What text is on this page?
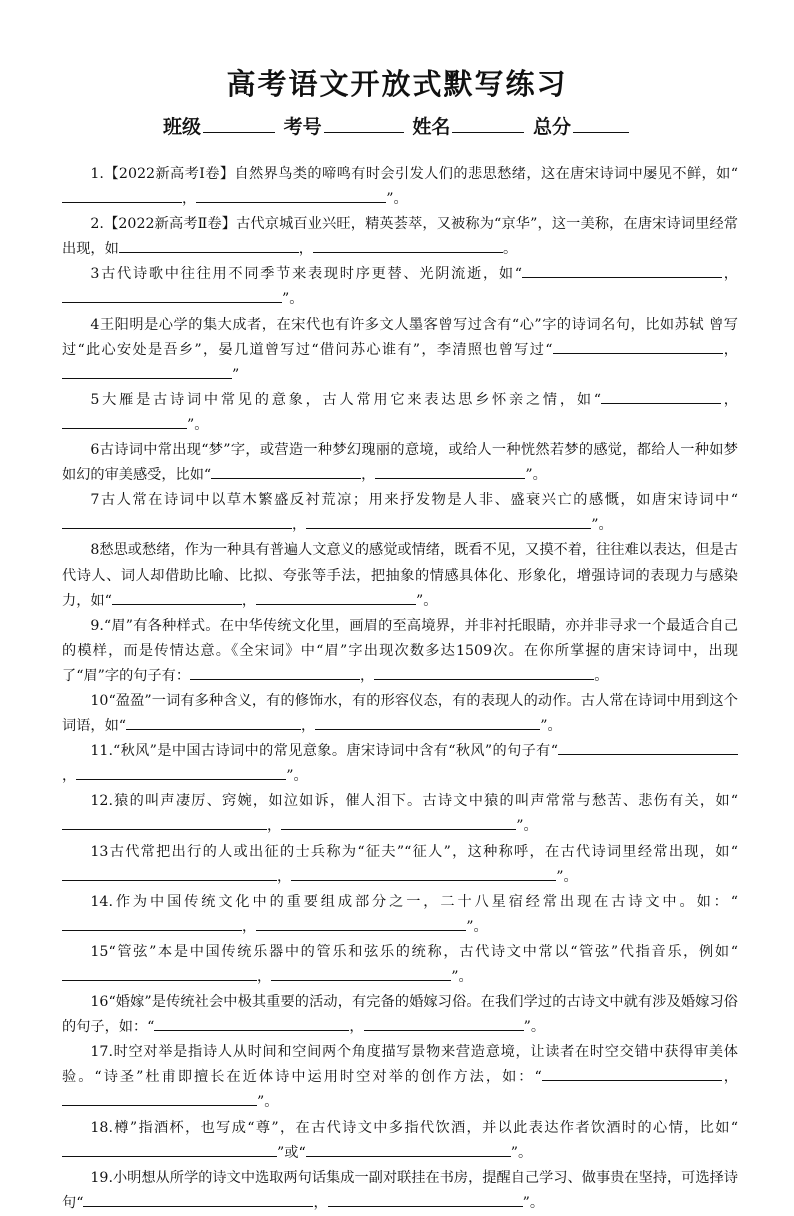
高考语文开放式默写练习
班级	考号	姓名	总分

1.【2022新高考Ⅰ卷】自然界鸟类的啼鸣有时会引发人们的悲思愁绪，这在唐宋诗词中屡见不鲜，如“，	”。

2.【2022新高考Ⅱ卷】古代京城百业兴旺，精英荟萃，又被称为“京华”，这一美称，在唐宋诗词里经常出现，如	，	。

3古代诗歌中往往用不同季节来表现时序更替、光阴流逝，如“	，”。

4王阳明是心学的集大成者，在宋代也有许多文人墨客曾写过含有“心”字的诗词名句，比如苏轼 曾写过“此心安处是吾乡”，晏几道曾写过“借问苏心谁有”，李清照也曾写过“	，”

5大雁是古诗词中常见的意象，古人常用它来表达思乡怀亲之情，如“	，”。

6古诗词中常出现“梦”字，或营造一种梦幻瑰丽的意境，或给人一种恍然若梦的感觉，都给人一种如梦如幻的审美感受，比如“	，	”。

7古人常在诗词中以草木繁盛反衬荒凉；用来抒发物是人非、盛衰兴亡的感慨，如唐宋诗词中“，	”。

8愁思或愁绪，作为一种具有普遍人文意义的感觉或情绪，既看不见，又摸不着，往往难以表达，但是古代诗人、词人却借助比喻、比拟、夸张等手法，把抽象的情感具体化、形象化，增强诗词的表现力与感染力，如“	，	”。

9.“眉”有各种样式。在中华传统文化里，画眉的至高境界，并非衬托眼睛，亦并非寻求一个最适合自己的模样，而是传情达意。《全宋词》中“眉”字出现次数多达1509次。在你所掌握的唐宋诗词中，出现了“眉”字的句子有：	，	。

10“盈盈”一词有多种含义，有的修饰水，有的形容仪态，有的表现人的动作。古人常在诗词中用到这个词语，如“	，	”。

11.“秋风”是中国古诗词中的常见意象。唐宋诗词中含有“秋风”的句子有“，	”。

12.猿的叫声凄厉、窍婉，如泣如诉，催人泪下。古诗文中猿的叫声常常与愁苦、悲伤有关，如“，	”。

13古代常把出行的人或出征的士兵称为“征夫”“征人”，这种称呼，在古代诗词里经常出现，如“，	”。

14.作为中国传统文化中的重要组成部分之一，二十八星宿经常出现在古诗文中。如：“，	”。

15“管弦”本是中国传统乐器中的管乐和弦乐的统称，古代诗文中常以“管弦”代指音乐，例如“，	”。

16“婚嫁”是传统社会中极其重要的活动，有完备的婚嫁习俗。在我们学过的古诗文中就有涉及婚嫁习俗的句子，如：“	，	”。

17.时空对举是指诗人从时间和空间两个角度描写景物来营造意境，让读者在时空交错中获得审美体验。“诗圣”杜甫即擅长在近体诗中运用时空对举的创作方法，如：“	，”。

18.樽”指酒杯，也写成“尊”，在古代诗文中多指代饮酒，并以此表达作者饮酒时的心情，比如“”或“	”。

19.小明想从所学的诗文中选取两句话集成一副对联挂在书房，提醒自己学习、做事贵在坚持，可选择诗句“	，	”。
